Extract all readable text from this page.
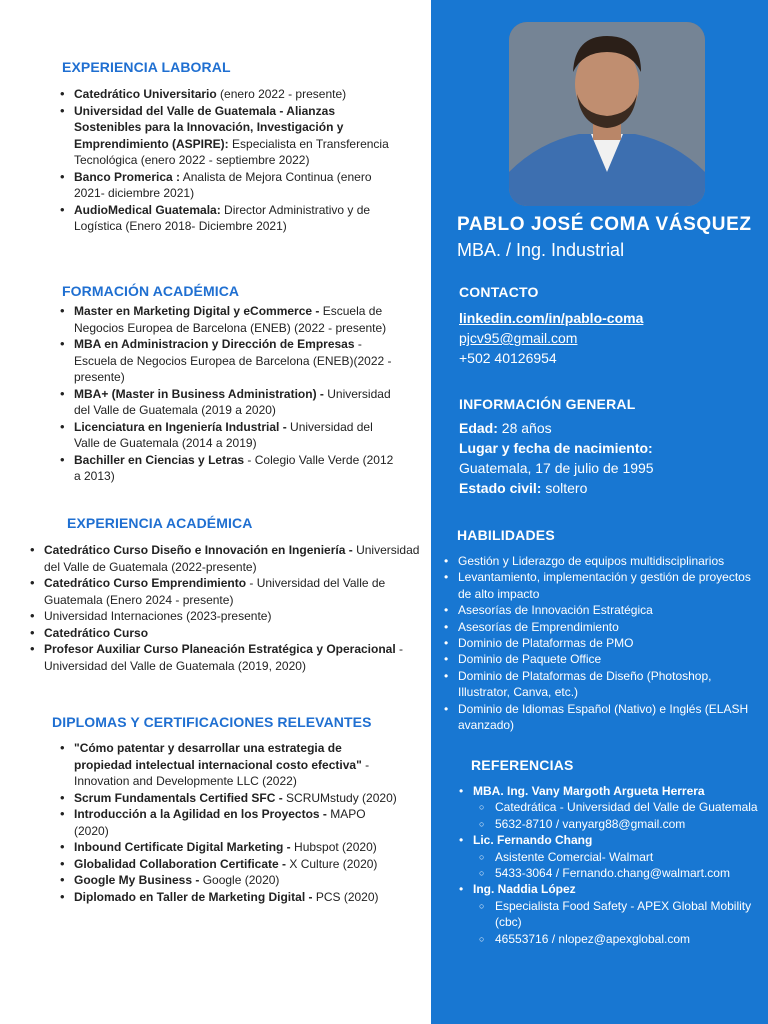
EXPERIENCIA LABORAL
• Catedrático Universitario (enero 2022 - presente)
• Universidad del Valle de Guatemala - Alianzas Sostenibles para la Innovación, Investigación y Emprendimiento (ASPIRE): Especialista en Transferencia Tecnológica (enero 2022 - septiembre 2022)
• Banco Promerica : Analista de Mejora Continua (enero 2021- diciembre 2021)
• AudioMedical Guatemala: Director Administrativo y de Logística (Enero 2018- Diciembre 2021)
FORMACIÓN ACADÉMICA
• Master en Marketing Digital y eCommerce - Escuela de Negocios Europea de Barcelona (ENEB) (2022 - presente)
• MBA en Administracion y Dirección de Empresas - Escuela de Negocios Europea de Barcelona (ENEB)(2022 - presente)
• MBA+ (Master in Business Administration) - Universidad del Valle de Guatemala (2019 a 2020)
• Licenciatura en Ingeniería Industrial - Universidad del Valle de Guatemala (2014 a 2019)
• Bachiller en Ciencias y Letras - Colegio Valle Verde (2012 a 2013)
EXPERIENCIA ACADÉMICA
• Catedrático Curso Diseño e Innovación en Ingeniería - Universidad del Valle de Guatemala (2022-presente)
• Catedrático Curso Emprendimiento - Universidad del Valle de Guatemala (Enero 2024 - presente)
• Universidad Internaciones (2023-presente)
• Catedrático Curso
• Profesor Auxiliar Curso Planeación Estratégica y Operacional - Universidad del Valle de Guatemala (2019, 2020)
DIPLOMAS Y CERTIFICACIONES RELEVANTES
• "Cómo patentar y desarrollar una estrategia de propiedad intelectual internacional costo efectiva" - Innovation and Developmente LLC (2022)
• Scrum Fundamentals Certified SFC - SCRUMstudy (2020)
• Introducción a la Agilidad en los Proyectos - MAPO (2020)
• Inbound Certificate Digital Marketing - Hubspot (2020)
• Globalidad Collaboration Certificate - X Culture (2020)
• Google My Business - Google (2020)
• Diplomado en Taller de Marketing Digital - PCS (2020)
PABLO JOSÉ COMA VÁSQUEZ
MBA. / Ing. Industrial
CONTACTO
linkedin.com/in/pablo-coma
pjcv95@gmail.com
+502 40126954
INFORMACIÓN GENERAL
Edad: 28 años
Lugar y fecha de nacimiento:
Guatemala, 17 de julio de 1995
Estado civil: soltero
HABILIDADES
• Gestión y Liderazgo de equipos multidisciplinarios
• Levantamiento, implementación y gestión de proyectos de alto impacto
• Asesorías de Innovación Estratégica
• Asesorías de Emprendimiento
• Dominio de Plataformas de PMO
• Dominio de Paquete Office
• Dominio de Plataformas de Diseño (Photoshop, Illustrator, Canva, etc.)
• Dominio de Idiomas Español (Nativo) e Inglés (ELASH avanzado)
REFERENCIAS
• MBA. Ing. Vany Margoth Argueta Herrera
○ Catedrática - Universidad del Valle de Guatemala
○ 5632-8710 / vanyarg88@gmail.com
• Lic. Fernando Chang
○ Asistente Comercial- Walmart
○ 5433-3064 / Fernando.chang@walmart.com
• Ing. Naddia López
○ Especialista Food Safety - APEX Global Mobility (cbc)
○ 46553716 / nlopez@apexglobal.com
